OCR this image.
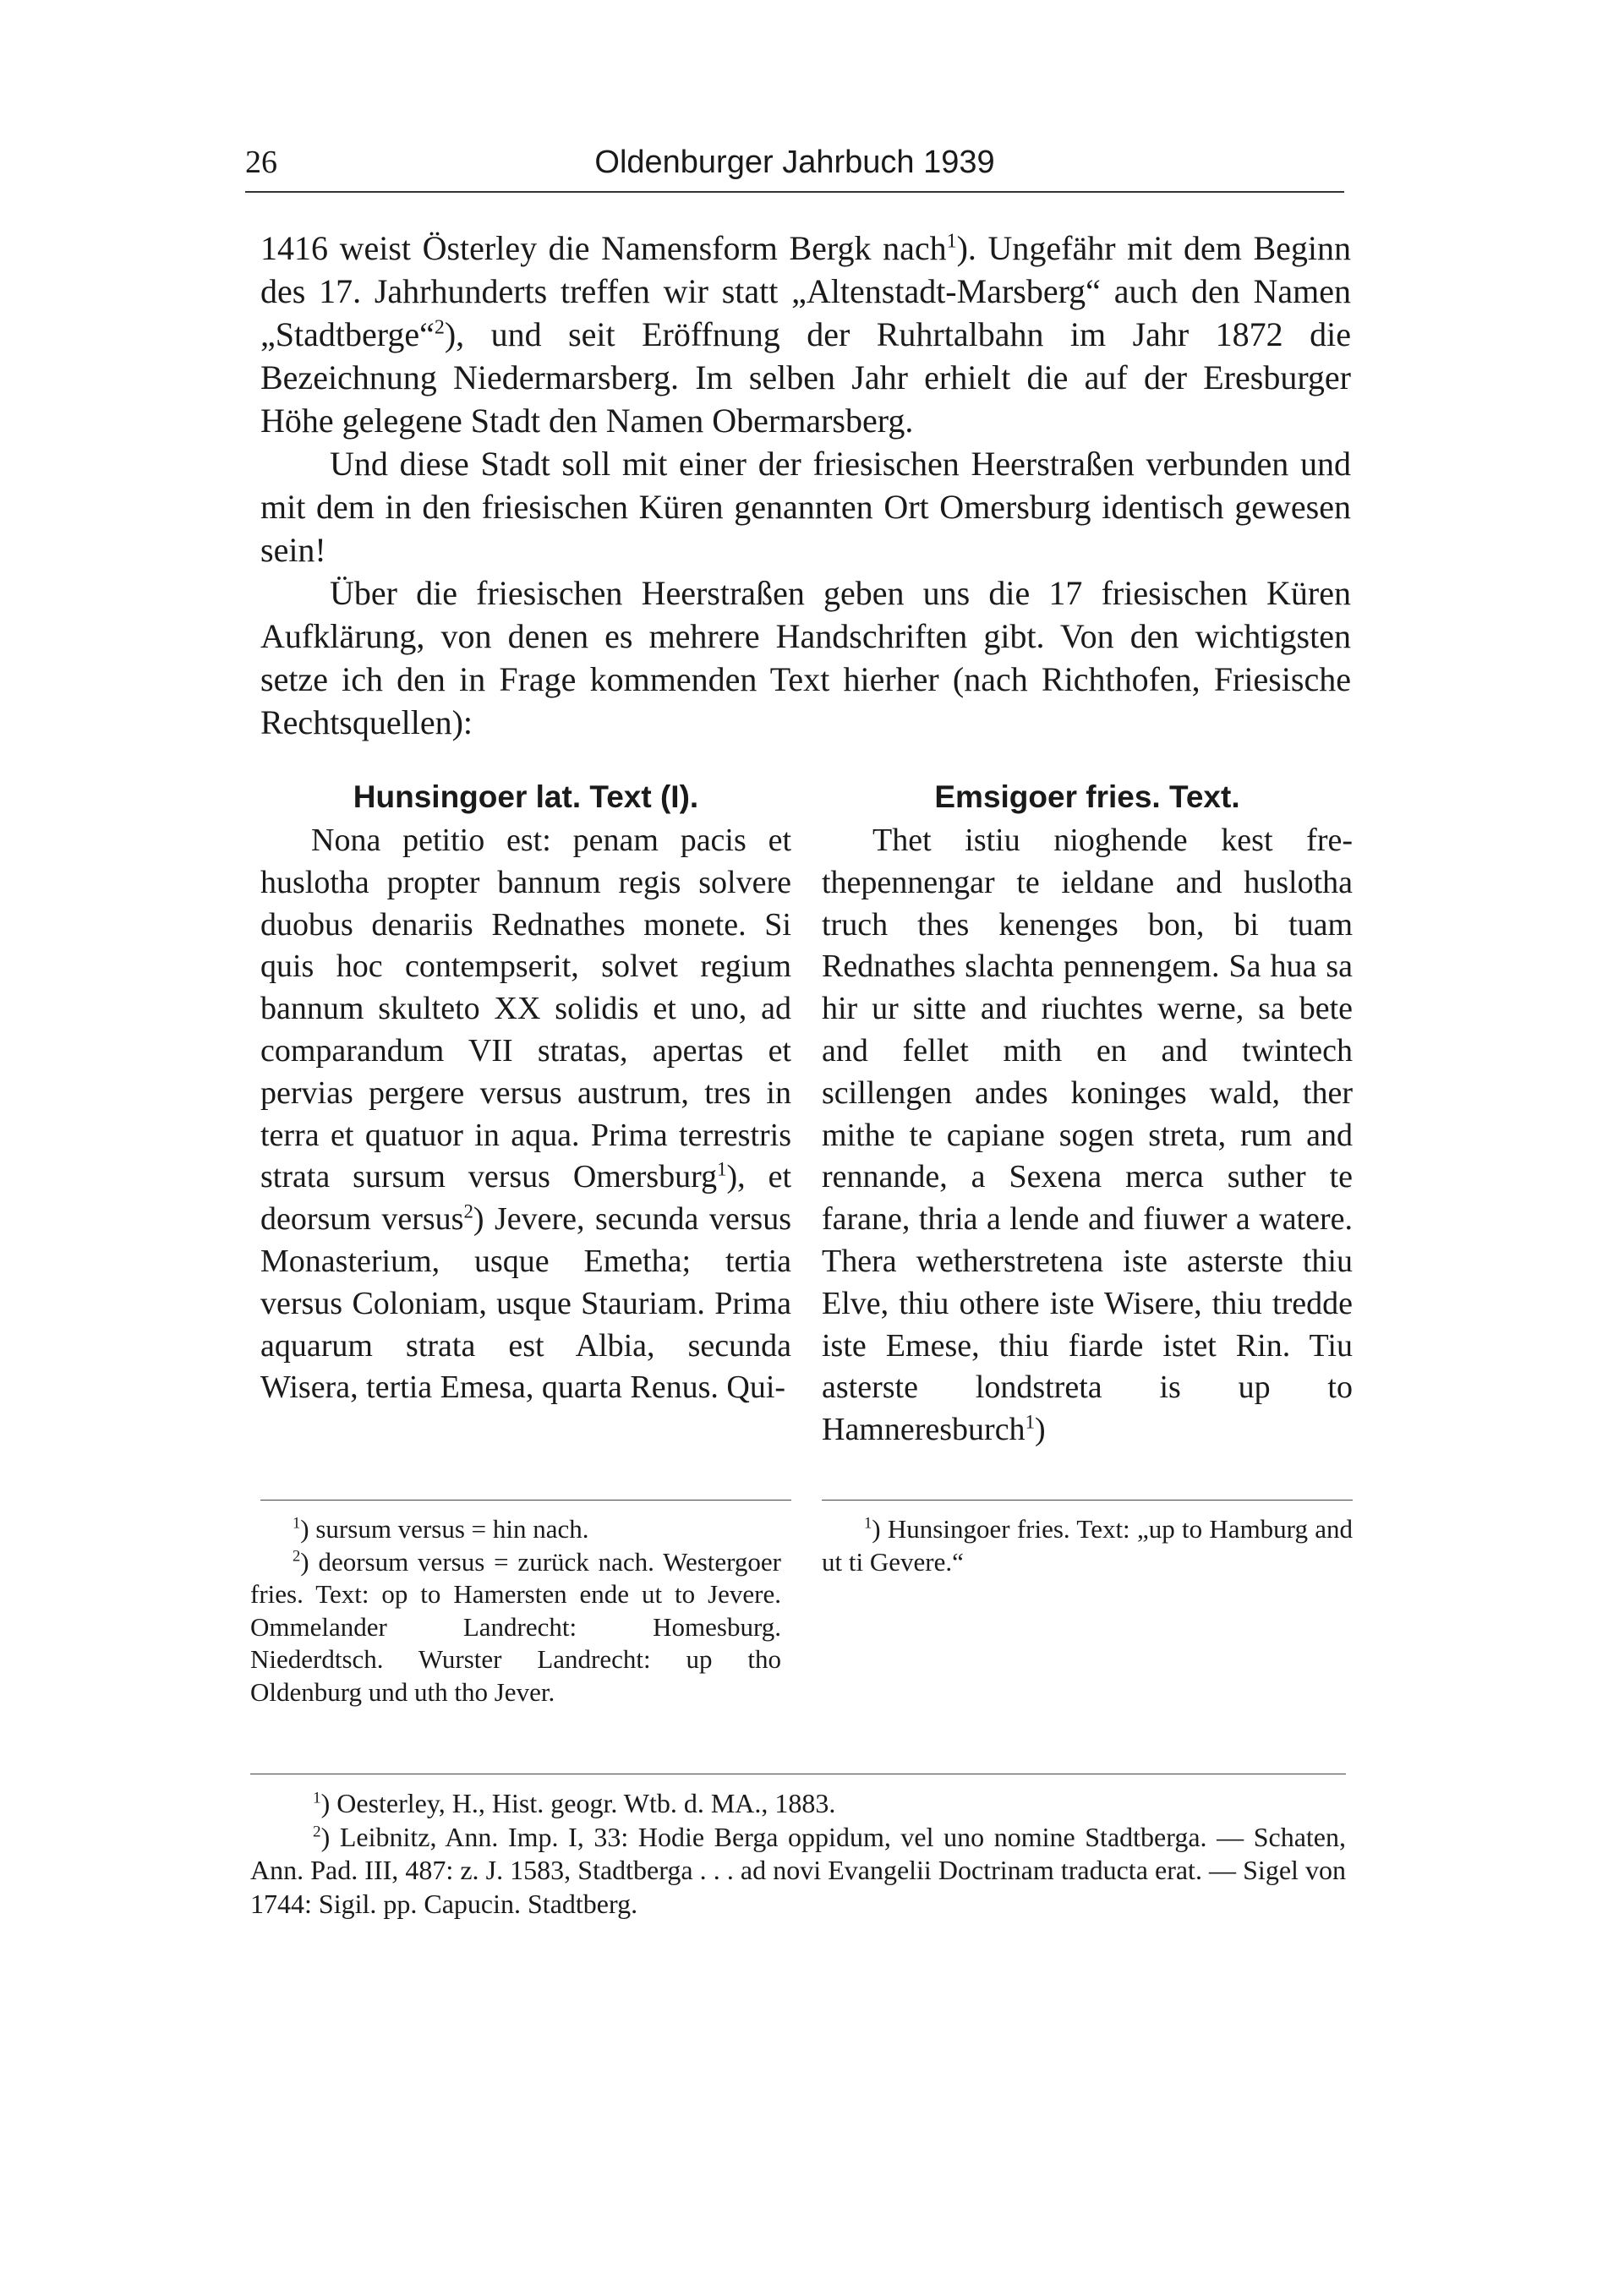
26	Oldenburger Jahrbuch 1939

1416 weist Österley die Namensform Bergk nach$^1$). Ungefähr mit dem Beginn des 17. Jahrhunderts treffen wir statt „Altenstadt-Marsberg“ auch den Namen „Stadtberge“$^2$), und seit Eröffnung der Ruhrtalbahn im Jahr 1872 die Bezeichnung Niedermarsberg. Im selben Jahr erhielt die auf der Eresburger Höhe gelegene Stadt den Namen Obermarsberg.

Und diese Stadt soll mit einer der friesischen Heerstraßen verbunden und mit dem in den friesischen Küren genannten Ort Omersburg identisch gewesen sein!

Über die friesischen Heerstraßen geben uns die 17 friesischen Küren Aufklärung, von denen es mehrere Handschriften gibt. Von den wichtigsten setze ich den in Frage kommenden Text hierher (nach Richthofen, Friesische Rechtsquellen):

Hunsingoer lat. Text (I).

Nona petitio est: penam pacis et huslotha propter bannum regis solvere duobus denariis Rednathes monete. Si quis hoc contempserit, solvet regium bannum skulteto XX solidis et uno, ad comparandum VII stratas, apertas et pervias pergere versus austrum, tres in terra et quatuor in aqua. Prima terrestris strata sursum versus Omersburg$^1$), et deorsum versus$^2$) Jevere, secunda versus Monasterium, usque Emetha; tertia versus Coloniam, usque Stauriam. Prima aquarum strata est Albia, secunda Wisera, tertia Emesa, quarta Renus. Qui-

Emsigoer fries. Text.

Thet istiu nioghende kest frethepennengar te ieldane and huslotha truch thes kenenges bon, bi tuam Rednathes slachta pennengem. Sa hua sa hir ur sitte and riuchtes werne, sa bete and fellet mith en and twintech scillengen andes koninges wald, ther mithe te capiane sogen streta, rum and rennande, a Sexena merca suther te farane, thria a lende and fiuwer a watere. Thera wetherstretena iste asterste thiu Elve, thiu othere iste Wisere, thiu tredde iste Emese, thiu fiarde istet Rin. Tiu asterste londstreta is up to Hamneresburch$^1$)

$^1$) sursum versus = hin nach.

$^2$) deorsum versus = zurück nach. Westergoer fries. Text: op to Hamersten ende ut to Jevere. Ommelander Landrecht: Homesburg. Niederdtsch. Wurster Landrecht: up tho Oldenburg und uth tho Jever.

$^1$) Hunsingoer fries. Text: „up to Hamburg and ut ti Gevere.“

$^1$) Oesterley, H., Hist. geogr. Wtb. d. MA., 1883.

$^2$) Leibnitz, Ann. Imp. I, 33: Hodie Berga oppidum, vel uno nomine Stadtberga. — Schaten, Ann. Pad. III, 487: z. J. 1583, Stadtberga . . . ad novi Evangelii Doctrinam traducta erat. — Sigel von 1744: Sigil. pp. Capucin. Stadtberg.
